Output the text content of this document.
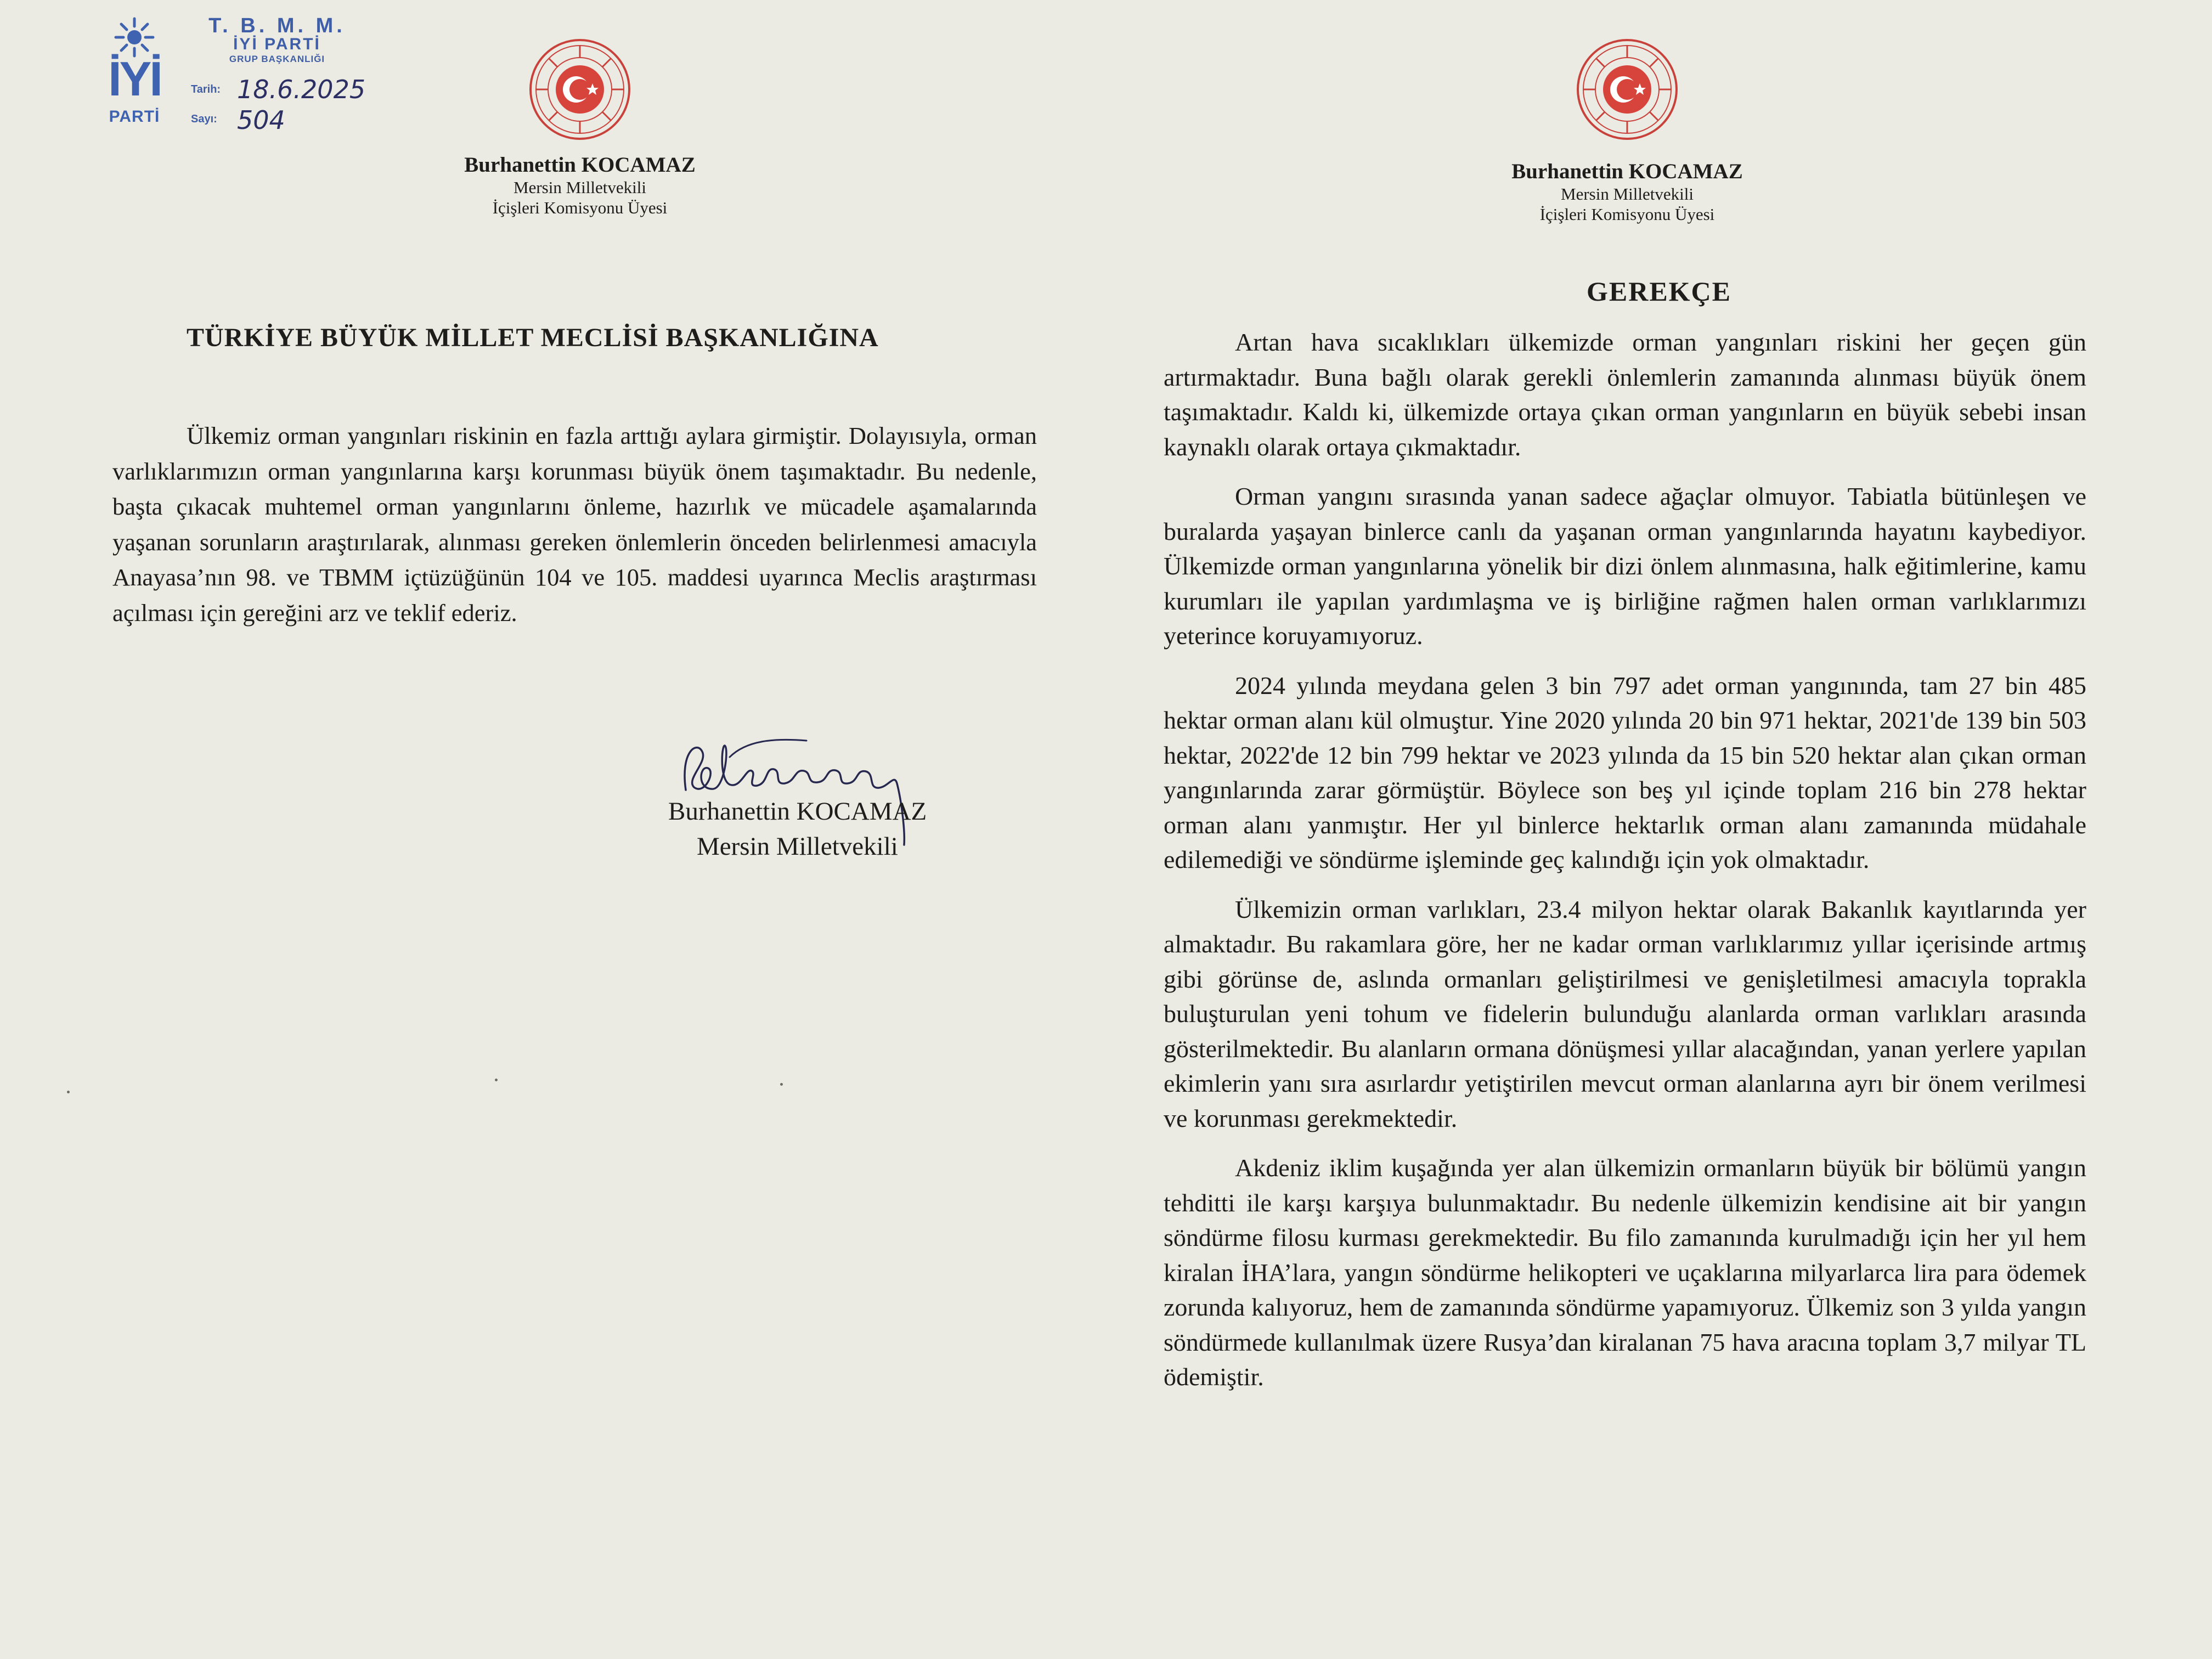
İYİ
PARTİ
T. B. M. M.
İYİ PARTİ
GRUP BAŞKANLIĞI
Tarih: 18.6.2025
Sayı: 504
Burhanettin KOCAMAZ
Mersin Milletvekili
İçişleri Komisyonu Üyesi
TÜRKİYE BÜYÜK MİLLET MECLİSİ BAŞKANLIĞINA

Ülkemiz orman yangınları riskinin en fazla arttığı aylara girmiştir. Dolayısıyla, orman varlıklarımızın orman yangınlarına karşı korunması büyük önem taşımaktadır. Bu nedenle, başta çıkacak muhtemel orman yangınlarını önleme, hazırlık ve mücadele aşamalarında yaşanan sorunların araştırılarak, alınması gereken önlemlerin önceden belirlenmesi amacıyla Anayasa’nın 98. ve TBMM içtüzüğünün 104 ve 105. maddesi uyarınca Meclis araştırması açılması için gereğini arz ve teklif ederiz.

Burhanettin KOCAMAZ
Mersin Milletvekili
Burhanettin KOCAMAZ
Mersin Milletvekili
İçişleri Komisyonu Üyesi
GEREKÇE

Artan hava sıcaklıkları ülkemizde orman yangınları riskini her geçen gün artırmaktadır. Buna bağlı olarak gerekli önlemlerin zamanında alınması büyük önem taşımaktadır. Kaldı ki, ülkemizde ortaya çıkan orman yangınların en büyük sebebi insan kaynaklı olarak ortaya çıkmaktadır.

Orman yangını sırasında yanan sadece ağaçlar olmuyor. Tabiatla bütünleşen ve buralarda yaşayan binlerce canlı da yaşanan orman yangınlarında hayatını kaybediyor. Ülkemizde orman yangınlarına yönelik bir dizi önlem alınmasına, halk eğitimlerine, kamu kurumları ile yapılan yardımlaşma ve iş birliğine rağmen halen orman varlıklarımızı yeterince koruyamıyoruz.

2024 yılında meydana gelen 3 bin 797 adet orman yangınında, tam 27 bin 485 hektar orman alanı kül olmuştur. Yine 2020 yılında 20 bin 971 hektar, 2021'de 139 bin 503 hektar, 2022'de 12 bin 799 hektar ve 2023 yılında da 15 bin 520 hektar alan çıkan orman yangınlarında zarar görmüştür. Böylece son beş yıl içinde toplam 216 bin 278 hektar orman alanı yanmıştır. Her yıl binlerce hektarlık orman alanı zamanında müdahale edilemediği ve söndürme işleminde geç kalındığı için yok olmaktadır.

Ülkemizin orman varlıkları, 23.4 milyon hektar olarak Bakanlık kayıtlarında yer almaktadır. Bu rakamlara göre, her ne kadar orman varlıklarımız yıllar içerisinde artmış gibi görünse de, aslında ormanları geliştirilmesi ve genişletilmesi amacıyla toprakla buluşturulan yeni tohum ve fidelerin bulunduğu alanlarda orman varlıkları arasında gösterilmektedir. Bu alanların ormana dönüşmesi yıllar alacağından, yanan yerlere yapılan ekimlerin yanı sıra asırlardır yetiştirilen mevcut orman alanlarına ayrı bir önem verilmesi ve korunması gerekmektedir.

Akdeniz iklim kuşağında yer alan ülkemizin ormanların büyük bir bölümü yangın tehditti ile karşı karşıya bulunmaktadır. Bu nedenle ülkemizin kendisine ait bir yangın söndürme filosu kurması gerekmektedir. Bu filo zamanında kurulmadığı için her yıl hem kiralan İHA’lara, yangın söndürme helikopteri ve uçaklarına milyarlarca lira para ödemek zorunda kalıyoruz, hem de zamanında söndürme yapamıyoruz. Ülkemiz son 3 yılda yangın söndürmede kullanılmak üzere Rusya’dan kiralanan 75 hava aracına toplam 3,7 milyar TL ödemiştir.
